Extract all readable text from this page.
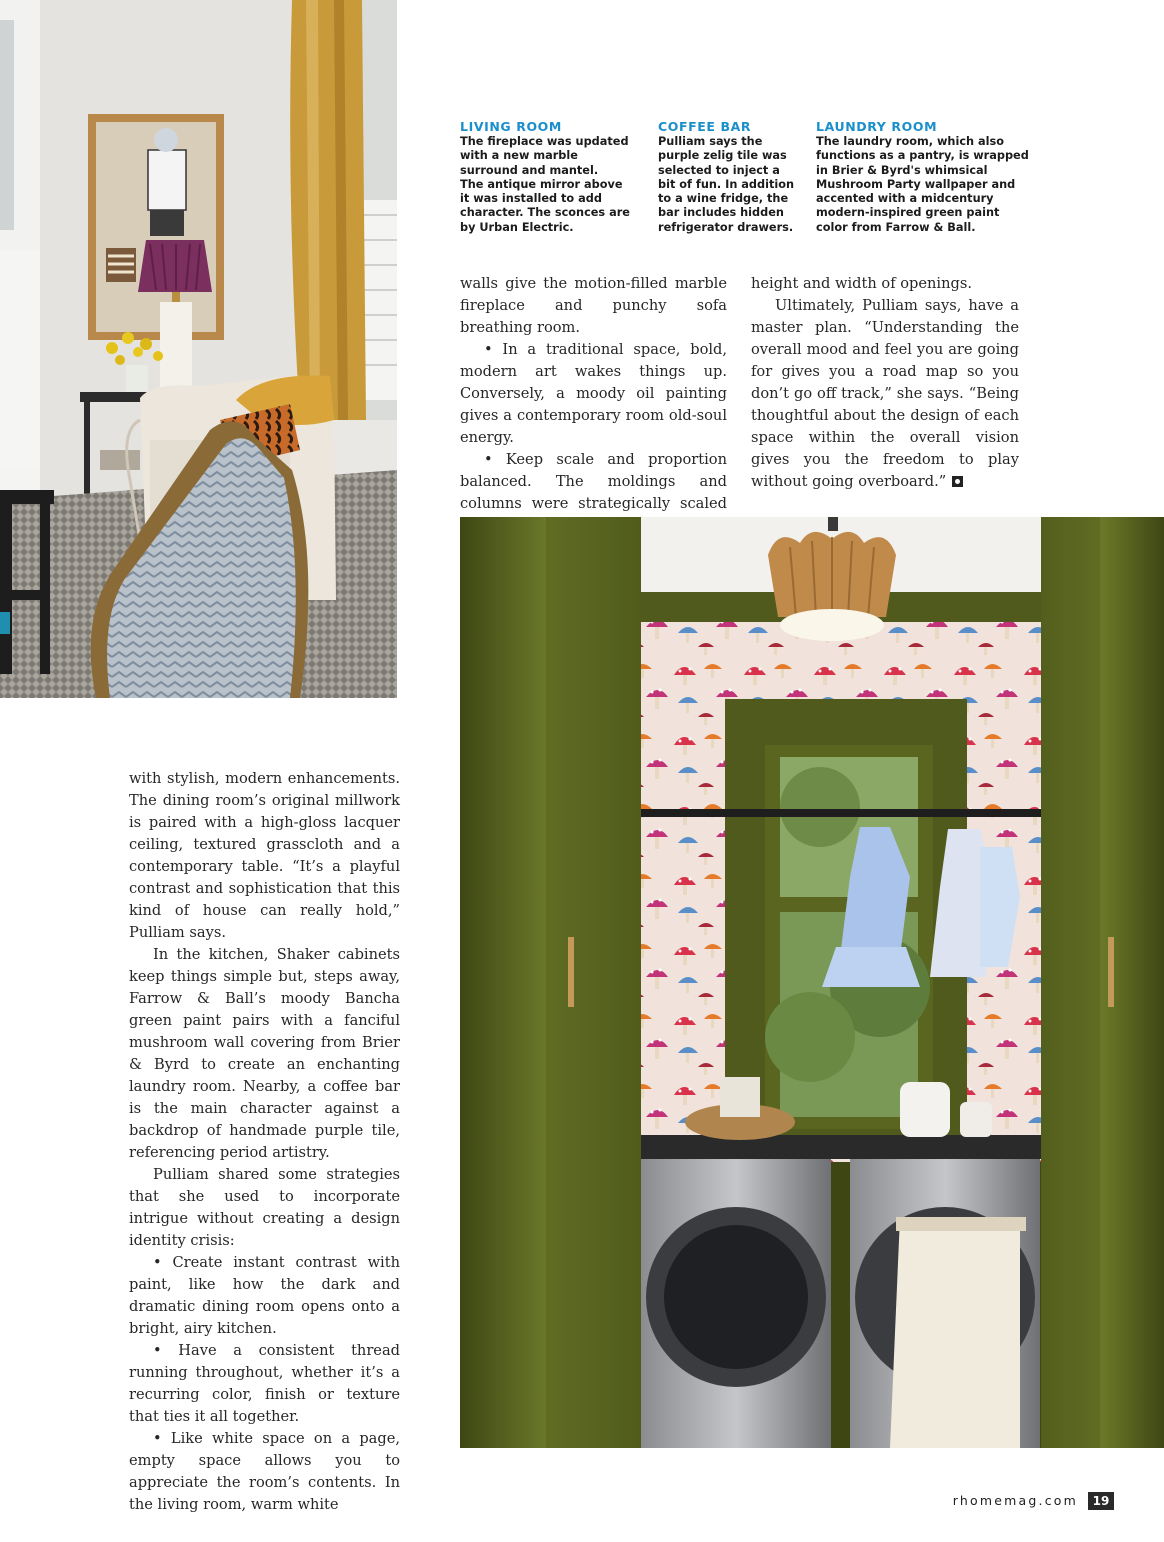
LIVING ROOM
The fireplace was updated
with a new marble
surround and mantel.
The antique mirror above
it was installed to add
character. The sconces are
by Urban Electric.
COFFEE BAR
Pulliam says the
purple zelig tile was
selected to inject a
bit of fun. In addition
to a wine fridge, the
bar includes hidden
refrigerator drawers.
LAUNDRY ROOM
The laundry room, which also
functions as a pantry, is wrapped
in Brier & Byrd's whimsical
Mushroom Party wallpaper and
accented with a midcentury
modern-inspired green paint
color from Farrow & Ball.

walls give the motion-filled marble fireplace and punchy sofa breathing room.

• In a traditional space, bold, modern art wakes things up. Conversely, a moody oil painting gives a contemporary room old-soul energy.

• Keep scale and proportion balanced. The moldings and columns were strategically scaled

height and width of openings.

Ultimately, Pulliam says, have a master plan. “Understanding the overall mood and feel you are going for gives you a road map so you don’t go off track,” she says. “Being thoughtful about the design of each space within the overall vision gives you the freedom to play without going overboard.”

with stylish, modern enhancements. The dining room’s original millwork is paired with a high-gloss lacquer ceiling, textured grasscloth and a contemporary table. “It’s a playful contrast and sophistication that this kind of house can really hold,” Pulliam says.

In the kitchen, Shaker cabinets keep things simple but, steps away, Farrow & Ball’s moody Bancha green paint pairs with a fanciful mushroom wall covering from Brier & Byrd to create an enchanting laundry room. Nearby, a coffee bar is the main character against a backdrop of handmade purple tile, referencing period artistry.

Pulliam shared some strategies that she used to incorporate intrigue without creating a design identity crisis:

• Create instant contrast with paint, like how the dark and dramatic dining room opens onto a bright, airy kitchen.

• Have a consistent thread running throughout, whether it’s a recurring color, finish or texture that ties it all together.

• Like white space on a page, empty space allows you to appreciate the room’s contents. In the living room, warm white	rhomemag.com	19
